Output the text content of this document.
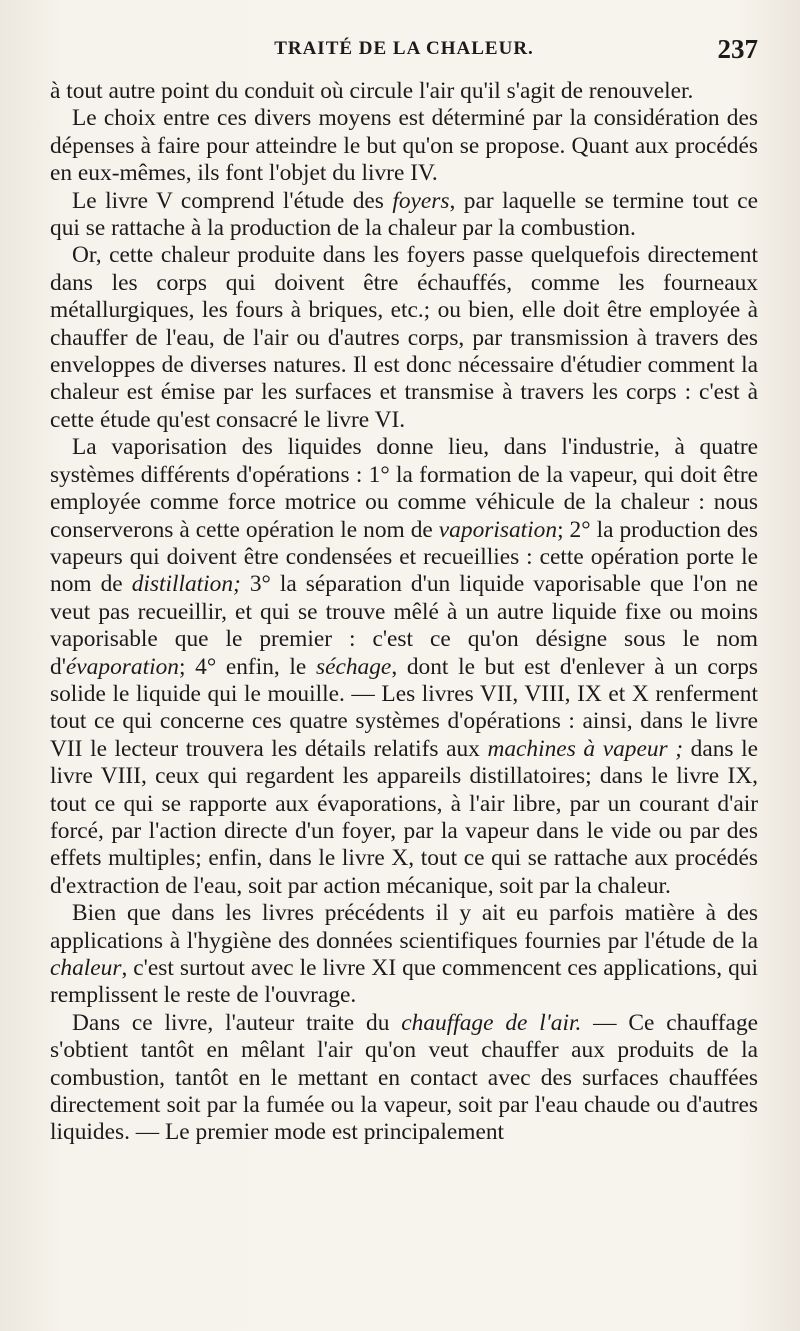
TRAITÉ DE LA CHALEUR.	237

à tout autre point du conduit où circule l'air qu'il s'agit de renouveler.

Le choix entre ces divers moyens est déterminé par la considération des dépenses à faire pour atteindre le but qu'on se propose. Quant aux procédés en eux-mêmes, ils font l'objet du livre IV.

Le livre V comprend l'étude des foyers, par laquelle se termine tout ce qui se rattache à la production de la chaleur par la combustion.

Or, cette chaleur produite dans les foyers passe quelquefois directement dans les corps qui doivent être échauffés, comme les fourneaux métallurgiques, les fours à briques, etc.; ou bien, elle doit être employée à chauffer de l'eau, de l'air ou d'autres corps, par transmission à travers des enveloppes de diverses natures. Il est donc nécessaire d'étudier comment la chaleur est émise par les surfaces et transmise à travers les corps : c'est à cette étude qu'est consacré le livre VI.

La vaporisation des liquides donne lieu, dans l'industrie, à quatre systèmes différents d'opérations : 1° la formation de la vapeur, qui doit être employée comme force motrice ou comme véhicule de la chaleur : nous conserverons à cette opération le nom de vaporisation; 2° la production des vapeurs qui doivent être condensées et recueillies : cette opération porte le nom de distillation; 3° la séparation d'un liquide vaporisable que l'on ne veut pas recueillir, et qui se trouve mêlé à un autre liquide fixe ou moins vaporisable que le premier : c'est ce qu'on désigne sous le nom d'évaporation; 4° enfin, le séchage, dont le but est d'enlever à un corps solide le liquide qui le mouille. — Les livres VII, VIII, IX et X renferment tout ce qui concerne ces quatre systèmes d'opérations : ainsi, dans le livre VII le lecteur trouvera les détails relatifs aux machines à vapeur ; dans le livre VIII, ceux qui regardent les appareils distillatoires; dans le livre IX, tout ce qui se rapporte aux évaporations, à l'air libre, par un courant d'air forcé, par l'action directe d'un foyer, par la vapeur dans le vide ou par des effets multiples; enfin, dans le livre X, tout ce qui se rattache aux procédés d'extraction de l'eau, soit par action mécanique, soit par la chaleur.

Bien que dans les livres précédents il y ait eu parfois matière à des applications à l'hygiène des données scientifiques fournies par l'étude de la chaleur, c'est surtout avec le livre XI que commencent ces applications, qui remplissent le reste de l'ouvrage.

Dans ce livre, l'auteur traite du chauffage de l'air. — Ce chauffage s'obtient tantôt en mêlant l'air qu'on veut chauffer aux produits de la combustion, tantôt en le mettant en contact avec des surfaces chauffées directement soit par la fumée ou la vapeur, soit par l'eau chaude ou d'autres liquides. — Le premier mode est principalement
